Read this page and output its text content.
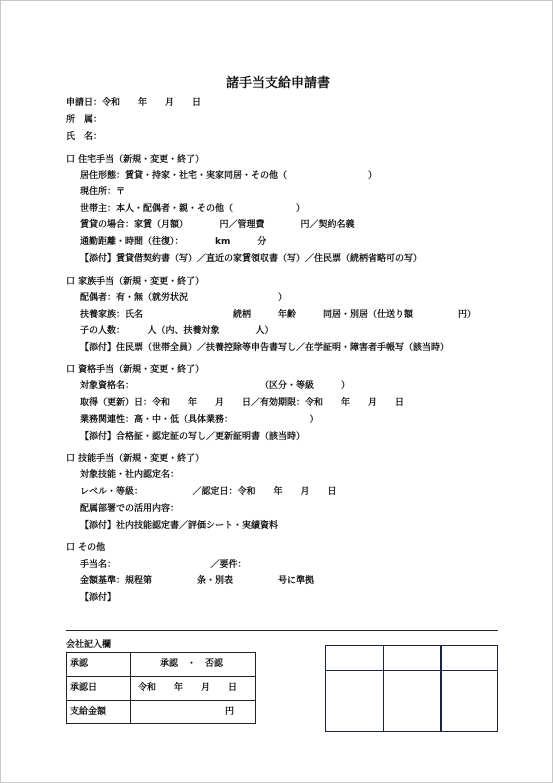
諸手当支給申請書
申請日：令和　　年　　月　　日
所　属：
氏　名：
口 住宅手当（新規・変更・終了）
居住形態：賃貸・持家・社宅・実家同居・その他（　　　　　　　　　）
現住所：〒
世帯主：本人・配偶者・親・その他（　　　　　　　）
賃貸の場合：家賃（月額）　　　　円／管理費　　　　円／契約名義
通勤距離・時間（往復）：　　　　km　　　分
【添付】賃貸借契約書（写）／直近の家賃領収書（写）／住民票（続柄省略可の写）
口 家族手当（新規・変更・終了）
配偶者：有・無（就労状況　　　　　　　　　　）
扶養家族：氏名　　　　　　　　　　続柄　　　年齢　　　同居・別居（仕送り額　　　　　円）
子の人数：　　　人（内、扶養対象　　　　人）
【添付】住民票（世帯全員）／扶養控除等申告書写し／在学証明・障害者手帳写（該当時）
口 資格手当（新規・変更・終了）
対象資格名：　　　　　　　　　　　　　　　（区分・等級　　　）
取得（更新）日：令和　　年　　月　　日／有効期限：令和　　年　　月　　日
業務関連性：高・中・低（具体業務：　　　　　　　　　）
【添付】合格証・認定証の写し／更新証明書（該当時）
口 技能手当（新規・変更・終了）
対象技能・社内認定名：
レベル・等級：　　　　　　／認定日：令和　　年　　月　　日
配属部署での活用内容：
【添付】社内技能認定書／評価シート・実績資料
口 その他
手当名：　　　　　　　　　　　／要件：
金額基準：規程第　　　　　条・別表　　　　　号に準拠
【添付】
会社記入欄
承認	承認　・　否認
承認日	令和　　年　　月　　日
支給金額	円
